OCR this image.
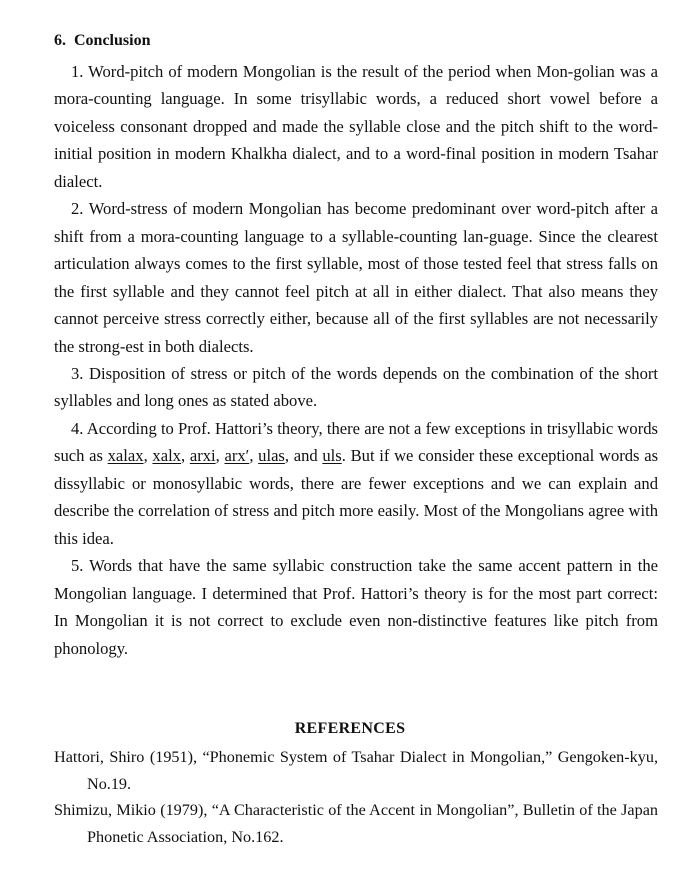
6. Conclusion

1. Word-pitch of modern Mongolian is the result of the period when Mon-golian was a mora-counting language. In some trisyllabic words, a reduced short vowel before a voiceless consonant dropped and made the syllable close and the pitch shift to the word-initial position in modern Khalkha dialect, and to a word-final position in modern Tsahar dialect.

2. Word-stress of modern Mongolian has become predominant over word-pitch after a shift from a mora-counting language to a syllable-counting lan-guage. Since the clearest articulation always comes to the first syllable, most of those tested feel that stress falls on the first syllable and they cannot feel pitch at all in either dialect. That also means they cannot perceive stress correctly either, because all of the first syllables are not necessarily the strong-est in both dialects.

3. Disposition of stress or pitch of the words depends on the combination of the short syllables and long ones as stated above.

4. According to Prof. Hattori’s theory, there are not a few exceptions in trisyllabic words such as xalax, xalx, arxi, arx′, ulas, and uls. But if we consider these exceptional words as dissyllabic or monosyllabic words, there are fewer exceptions and we can explain and describe the correlation of stress and pitch more easily. Most of the Mongolians agree with this idea.

5. Words that have the same syllabic construction take the same accent pattern in the Mongolian language. I determined that Prof. Hattori’s theory is for the most part correct: In Mongolian it is not correct to exclude even non-distinctive features like pitch from phonology.

REFERENCES

Hattori, Shiro (1951), “Phonemic System of Tsahar Dialect in Mongolian,” Gengoken-kyu, No.19.

Shimizu, Mikio (1979), “A Characteristic of the Accent in Mongolian”, Bulletin of the Japan Phonetic Association, No.162.
